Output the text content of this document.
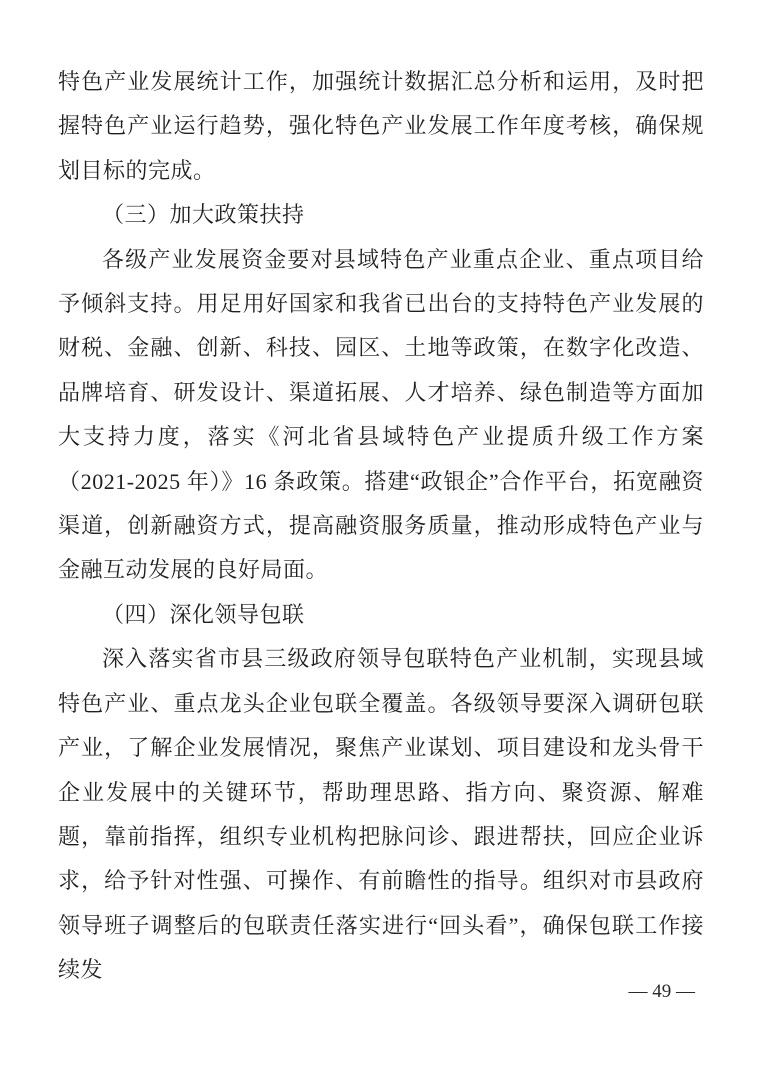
特色产业发展统计工作，加强统计数据汇总分析和运用，及时把握特色产业运行趋势，强化特色产业发展工作年度考核，确保规划目标的完成。

（三）加大政策扶持

各级产业发展资金要对县域特色产业重点企业、重点项目给予倾斜支持。用足用好国家和我省已出台的支持特色产业发展的财税、金融、创新、科技、园区、土地等政策，在数字化改造、品牌培育、研发设计、渠道拓展、人才培养、绿色制造等方面加大支持力度，落实《河北省县域特色产业提质升级工作方案（2021-2025 年）》16 条政策。搭建“政银企”合作平台，拓宽融资渠道，创新融资方式，提高融资服务质量，推动形成特色产业与金融互动发展的良好局面。

（四）深化领导包联

深入落实省市县三级政府领导包联特色产业机制，实现县域特色产业、重点龙头企业包联全覆盖。各级领导要深入调研包联产业，了解企业发展情况，聚焦产业谋划、项目建设和龙头骨干企业发展中的关键环节，帮助理思路、指方向、聚资源、解难题，靠前指挥，组织专业机构把脉问诊、跟进帮扶，回应企业诉求，给予针对性强、可操作、有前瞻性的指导。组织对市县政府领导班子调整后的包联责任落实进行“回头看”，确保包联工作接续发

— 49 —
